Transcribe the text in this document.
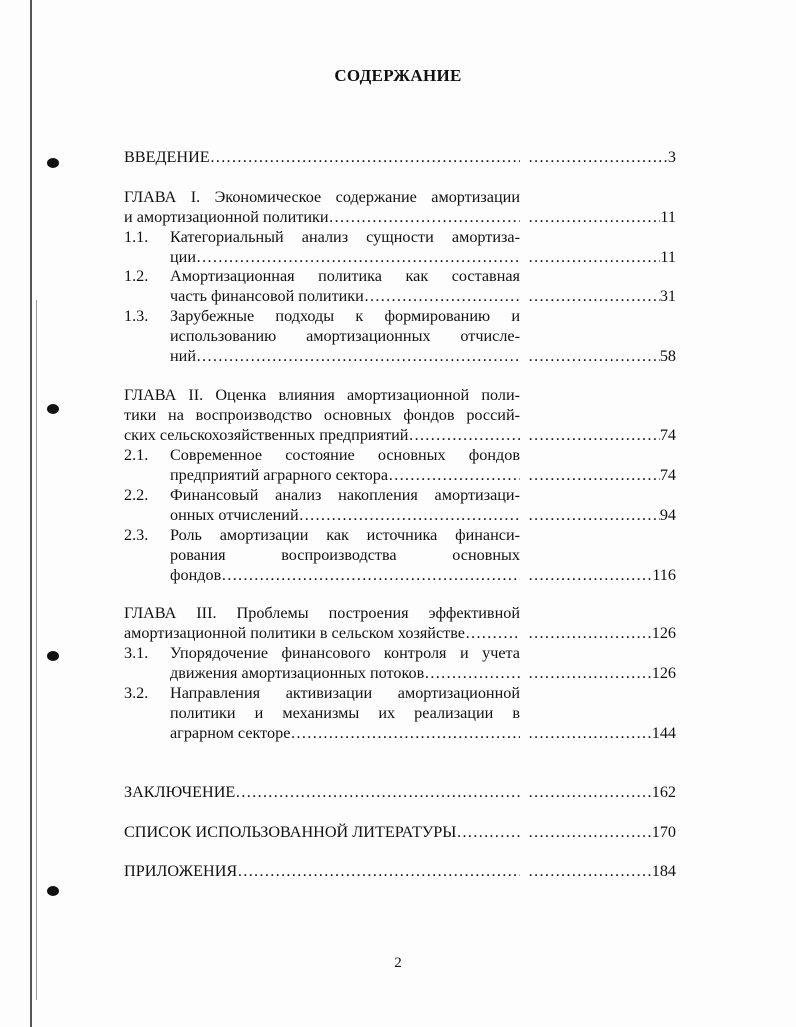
СОДЕРЖАНИЕ
ВВЕДЕНИЕ ………………………………………………………………………………………… …………………………………………	3
ГЛАВА I. Экономическое содержание амортизации
и амортизационной политики ………………………………………………………………………………………… …………………………………………	11
1.1. Категориальный анализ сущности амортиза-
ции ………………………………………………………………………………………… …………………………………………	11
1.2. Амортизационная политика как составная
часть финансовой политики ………………………………………………………………………………………… …………………………………………	31
1.3. Зарубежные подходы к формированию и
использованию амортизационных отчисле-
ний ………………………………………………………………………………………… …………………………………………	58
ГЛАВА II. Оценка влияния амортизационной поли-
тики на воспроизводство основных фондов россий-
ских сельскохозяйственных предприятий ………………………………………………………………………………………… …………………………………………	74
2.1. Современное состояние основных фондов
предприятий аграрного сектора ………………………………………………………………………………………… …………………………………………	74
2.2. Финансовый анализ накопления амортизаци-
онных отчислений ………………………………………………………………………………………… …………………………………………	94
2.3. Роль амортизации как источника финанси-
рования воспроизводства основных
фондов ………………………………………………………………………………………… …………………………………………	116
ГЛАВА III. Проблемы построения эффективной
амортизационной политики в сельском хозяйстве ………………………………………………………………………………………… …………………………………………	126
3.1. Упорядочение финансового контроля и учета
движения амортизационных потоков ………………………………………………………………………………………… …………………………………………	126
3.2. Направления активизации амортизационной
политики и механизмы их реализации в
аграрном секторе ………………………………………………………………………………………… …………………………………………	144
ЗАКЛЮЧЕНИЕ ………………………………………………………………………………………… …………………………………………	162
СПИСОК ИСПОЛЬЗОВАННОЙ ЛИТЕРАТУРЫ ………………………………………………………………………………………… …………………………………………	170
ПРИЛОЖЕНИЯ ………………………………………………………………………………………… …………………………………………	184
2
